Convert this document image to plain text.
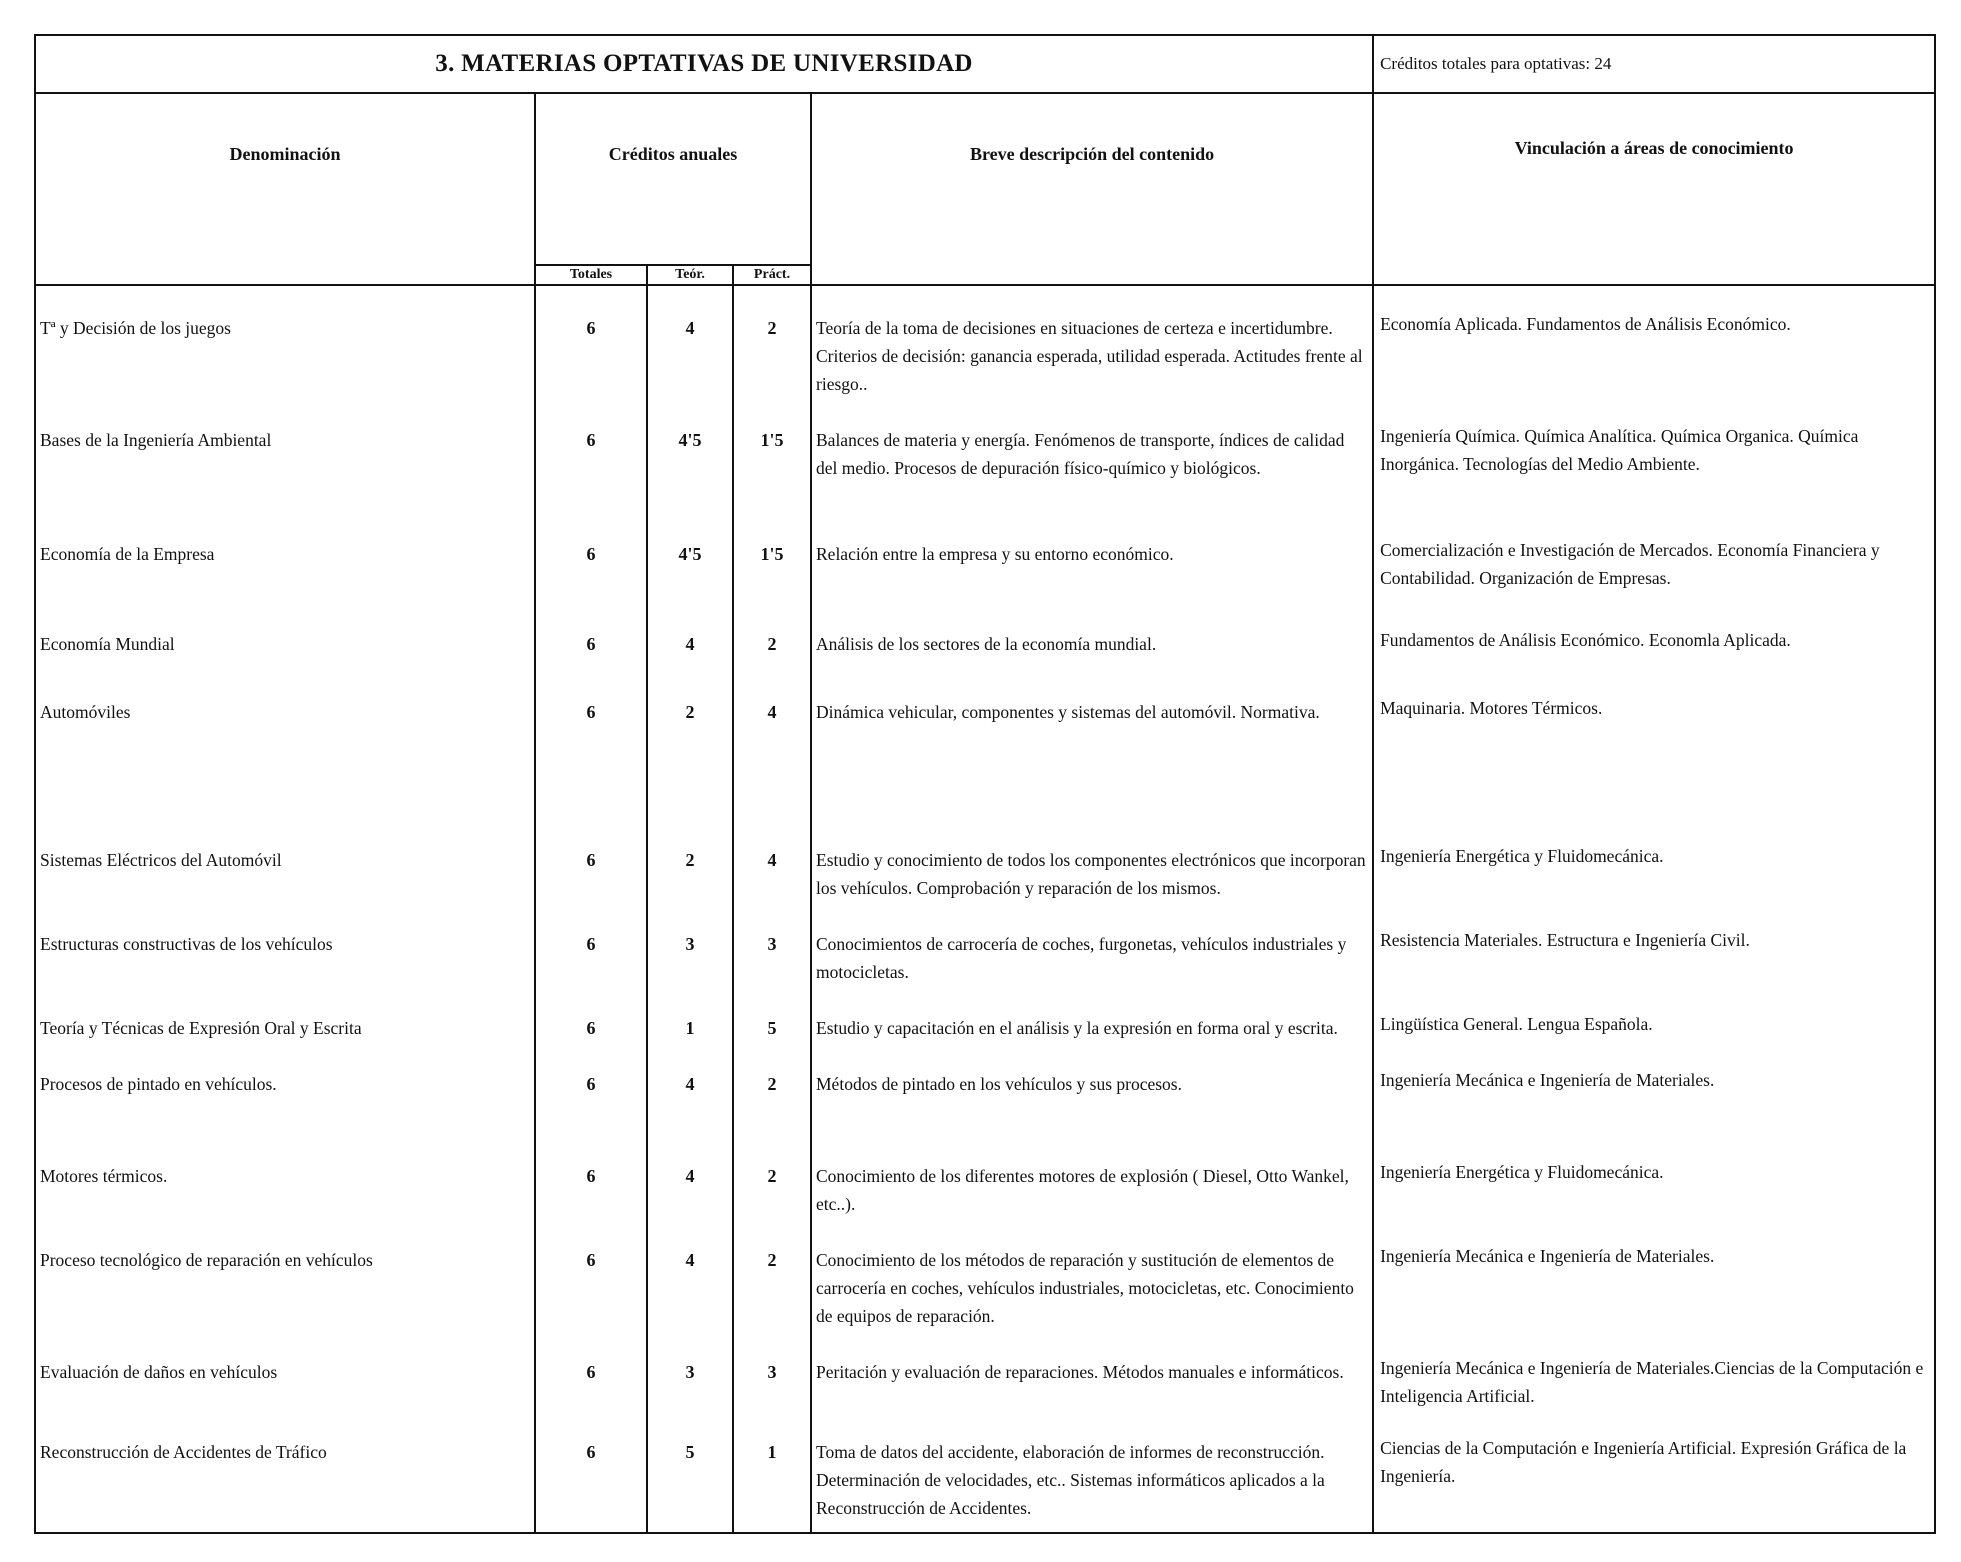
3. MATERIAS OPTATIVAS DE UNIVERSIDAD					Créditos totales para optativas: 24
Denominación	Créditos anuales			Breve descripción del contenido	Vinculación a áreas de conocimiento
	Totales	Teór.	Práct.		
Tª y Decisión de los juegos	6	4	2	Teoría de la toma de decisiones en situaciones de certeza e incertidumbre. Criterios de decisión: ganancia esperada, utilidad esperada. Actitudes frente al riesgo..	Economía Aplicada. Fundamentos de Análisis Económico.
Bases de la Ingeniería Ambiental	6	4'5	1'5	Balances de materia y energía. Fenómenos de transporte, índices de calidad del medio. Procesos de depuración físico-químico y biológicos.	Ingeniería Química. Química Analítica. Química Organica. Química Inorgánica. Tecnologías del Medio Ambiente.
Economía de la Empresa	6	4'5	1'5	Relación entre la empresa y su entorno económico.	Comercialización e Investigación de Mercados. Economía Financiera y Contabilidad. Organización de Empresas.
Economía Mundial	6	4	2	Análisis de los sectores de la economía mundial.	Fundamentos de Análisis Económico. Economla Aplicada.
Automóviles	6	2	4	Dinámica vehicular, componentes y sistemas del automóvil. Normativa.	Maquinaria. Motores Térmicos.
Sistemas Eléctricos del Automóvil	6	2	4	Estudio y conocimiento de todos los componentes electrónicos que incorporan los vehículos. Comprobación y reparación de los mismos.	Ingeniería Energética y Fluidomecánica.
Estructuras constructivas de los vehículos	6	3	3	Conocimientos de carrocería de coches, furgonetas, vehículos industriales y motocicletas.	Resistencia Materiales. Estructura e Ingeniería Civil.
Teoría y Técnicas de Expresión Oral y Escrita	6	1	5	Estudio y capacitación en el análisis y la expresión en forma oral y escrita.	Lingüística General. Lengua Española.
Procesos de pintado en vehículos.	6	4	2	Métodos de pintado en los vehículos y sus procesos.	Ingeniería Mecánica e Ingeniería de Materiales.
Motores térmicos.	6	4	2	Conocimiento de los diferentes motores de explosión ( Diesel, Otto Wankel, etc..).	Ingeniería Energética y Fluidomecánica.
Proceso tecnológico de reparación en vehículos	6	4	2	Conocimiento de los métodos de reparación y sustitución de elementos de carrocería en coches, vehículos industriales, motocicletas, etc. Conocimiento de equipos de reparación.	Ingeniería Mecánica e Ingeniería de Materiales.
Evaluación de daños en vehículos	6	3	3	Peritación y evaluación de reparaciones. Métodos manuales e informáticos.	Ingeniería Mecánica e Ingeniería de Materiales.Ciencias de la Computación e Inteligencia Artificial.
Reconstrucción de Accidentes de Tráfico	6	5	1	Toma de datos del accidente, elaboración de informes de reconstrucción. Determinación de velocidades, etc.. Sistemas informáticos aplicados a la Reconstrucción de Accidentes.	Ciencias de la Computación e Ingeniería Artificial. Expresión Gráfica de la Ingeniería.
